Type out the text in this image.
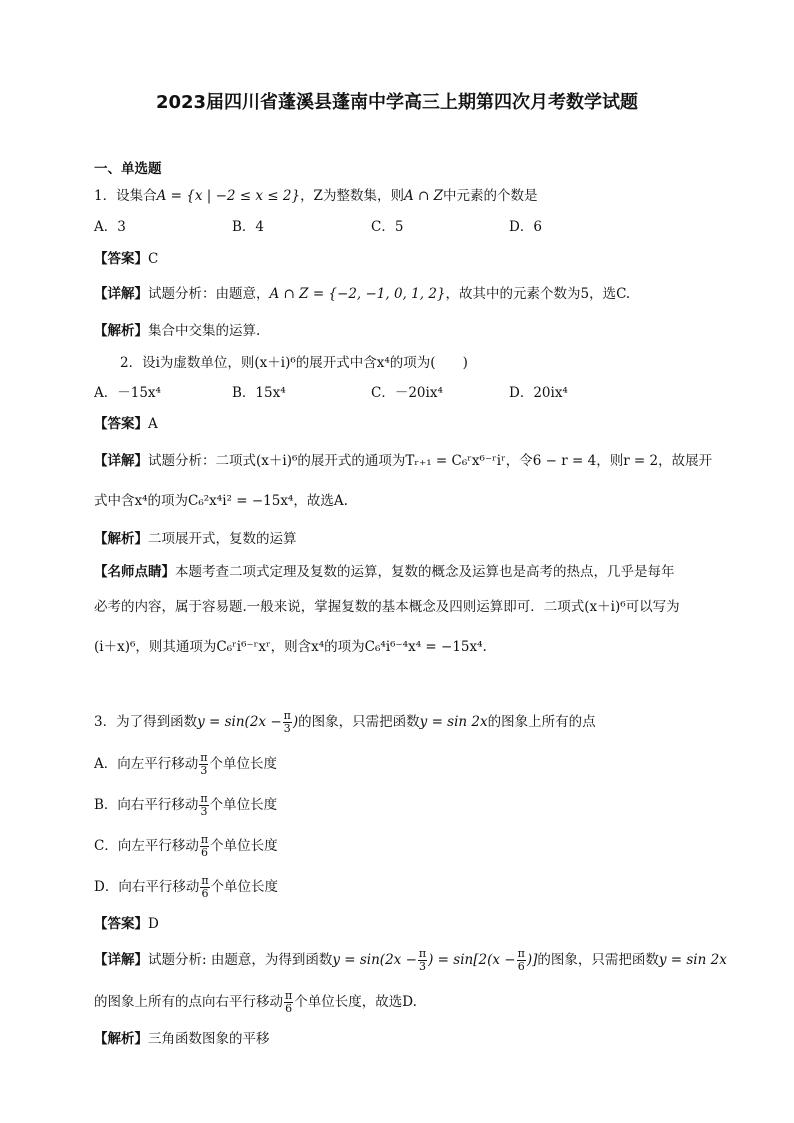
2023届四川省蓬溪县蓬南中学高三上期第四次月考数学试题
一、单选题
1．设集合A = {x | −2 ≤ x ≤ 2}，Z为整数集，则A ∩ Z中元素的个数是
A．3	B．4	C．5	D．6
【答案】C
【详解】试题分析：由题意，A ∩ Z = {−2, −1, 0, 1, 2}，故其中的元素个数为5，选C.
【解析】集合中交集的运算.
2．设i为虚数单位，则(x＋i)⁶的展开式中含x⁴的项为(　　)
A．－15x⁴	B．15x⁴	C．－20ix⁴	D．20ix⁴
【答案】A
【详解】试题分析：二项式(x＋i)⁶的展开式的通项为Tᵣ₊₁ = C₆ʳx⁶⁻ʳiʳ，令6 − r = 4，则r = 2，故展开
式中含x⁴的项为C₆²x⁴i² = −15x⁴，故选A.
【解析】二项展开式，复数的运算
【名师点睛】本题考查二项式定理及复数的运算，复数的概念及运算也是高考的热点，几乎是每年
必考的内容，属于容易题.一般来说，掌握复数的基本概念及四则运算即可．二项式(x＋i)⁶可以写为
(i＋x)⁶，则其通项为C₆ʳi⁶⁻ʳxʳ，则含x⁴的项为C₆⁴i⁶⁻⁴x⁴ = −15x⁴.
3．为了得到函数$y = \sin(2x - \frac{\pi}{3}$ )的图象，只需把函数y = sin 2x的图象上所有的点
A．向左平行移动 $\frac{\pi}{3}$ 个单位长度
B．向右平行移动 $\frac{\pi}{3}$ 个单位长度
C．向左平行移动 $\frac{\pi}{6}$ 个单位长度
D．向右平行移动 $\frac{\pi}{6}$ 个单位长度
【答案】D
【详解】试题分析: 由题意，为得到函数$y = \sin(2x - \frac{\pi}{3}$ ) = $\sin[2(x - \frac{\pi}{6}$ )]的图象，只需把函数y = sin 2x
的图象上所有的点向右平行移动 $\frac{\pi}{6}$ 个单位长度，故选D.
【解析】三角函数图象的平移
